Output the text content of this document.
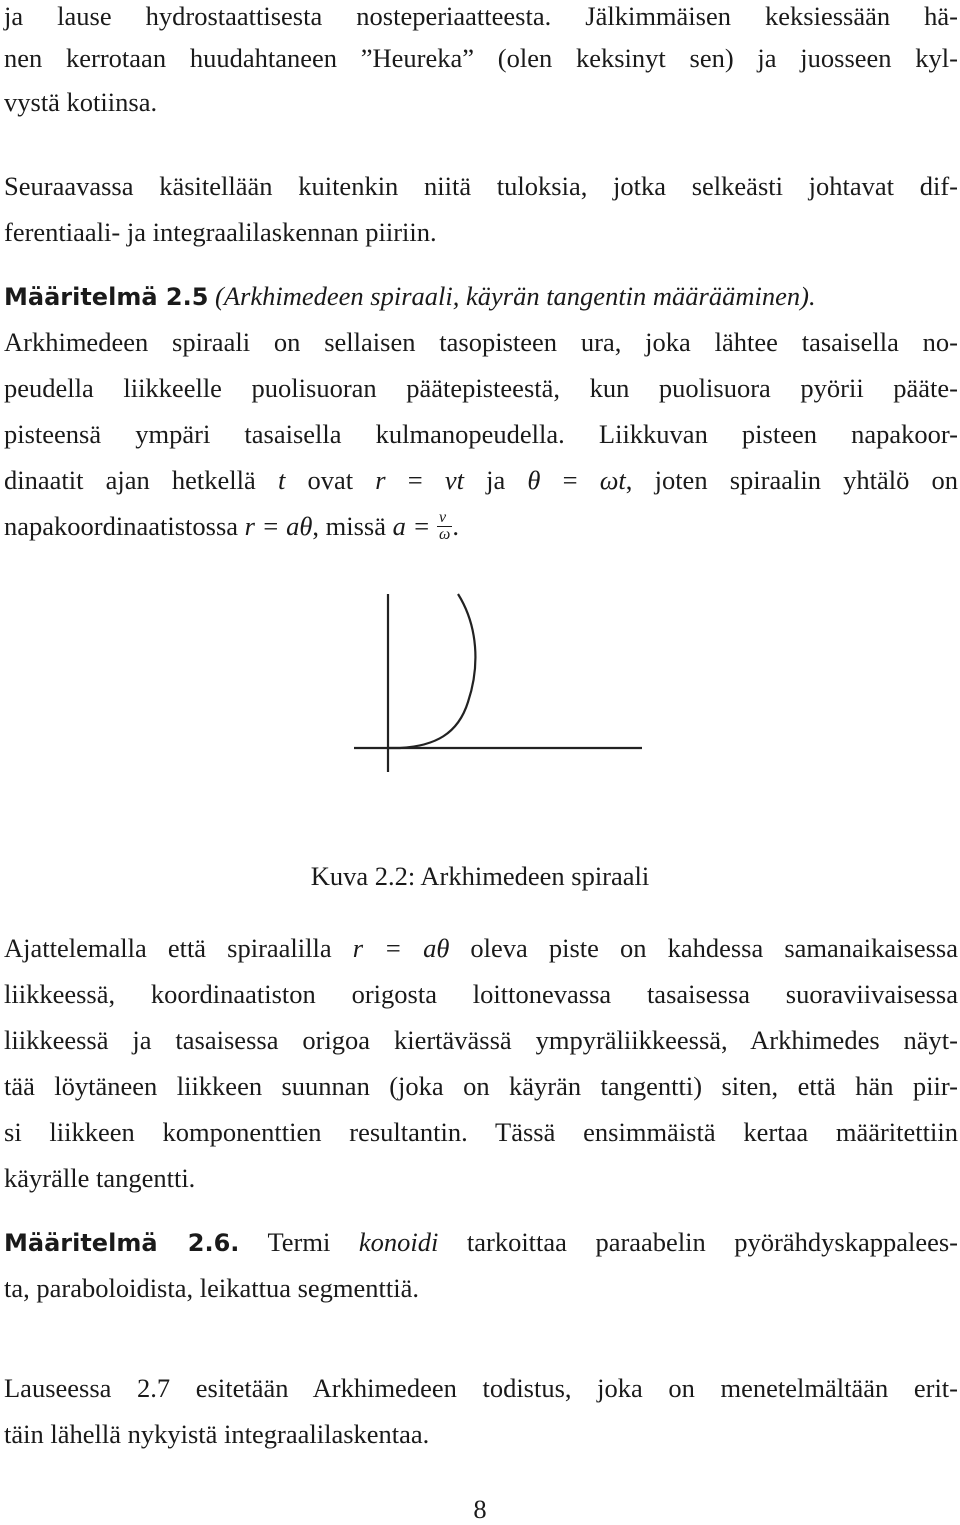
ja lause hydrostaattisesta nosteperiaatteesta. Jälkimmäisen keksiessään hä-
nen kerrotaan huudahtaneen ”Heureka” (olen keksinyt sen) ja juosseen kyl-
vystä kotiinsa.
Seuraavassa käsitellään kuitenkin niitä tuloksia, jotka selkeästi johtavat dif-
ferentiaali- ja integraalilaskennan piiriin.
Määritelmä 2.5 (Arkhimedeen spiraali, käyrän tangentin määrääminen).
Arkhimedeen spiraali on sellaisen tasopisteen ura, joka lähtee tasaisella no-
peudella liikkeelle puolisuoran päätepisteestä, kun puolisuora pyörii pääte-
pisteensä ympäri tasaisella kulmanopeudella. Liikkuvan pisteen napakoor-
dinaatit ajan hetkellä t ovat r = vt ja θ = ωt, joten spiraalin yhtälö on
napakoordinaatistossa r = aθ, missä $a = \frac{v}{\omega}$ .
Kuva 2.2: Arkhimedeen spiraali
Ajattelemalla että spiraalilla r = aθ oleva piste on kahdessa samanaikaisessa
liikkeessä, koordinaatiston origosta loittonevassa tasaisessa suoraviivaisessa
liikkeessä ja tasaisessa origoa kiertävässä ympyräliikkeessä, Arkhimedes näyt-
tää löytäneen liikkeen suunnan (joka on käyrän tangentti) siten, että hän piir-
si liikkeen komponenttien resultantin. Tässä ensimmäistä kertaa määritettiin
käyrälle tangentti.
Määritelmä 2.6. Termi konoidi tarkoittaa paraabelin pyörähdyskappalees-
ta, paraboloidista, leikattua segmenttiä.
Lauseessa 2.7 esitetään Arkhimedeen todistus, joka on menetelmältään erit-
täin lähellä nykyistä integraalilaskentaa.
8
